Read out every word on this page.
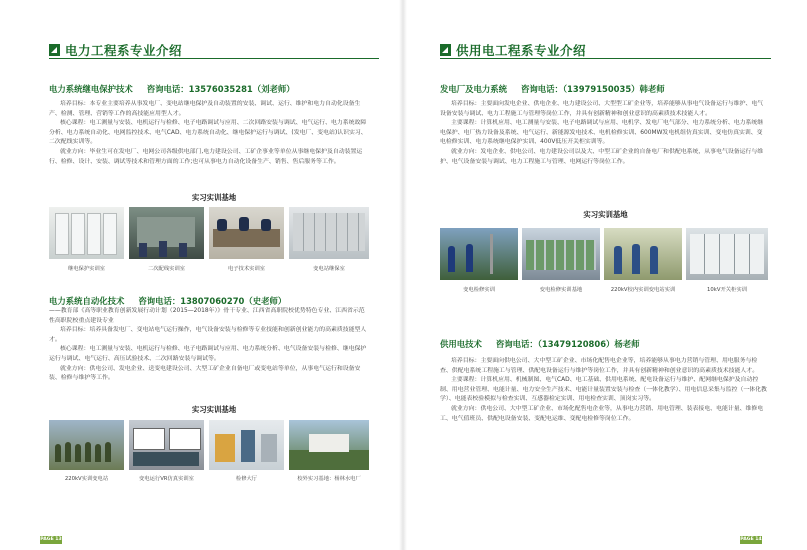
电力工程系专业介绍
电力系统继电保护技术 咨询电话：13576035281（刘老师）

培养目标：本专业主要培养从事发电厂、变电站继电保护及自动装置的安装、调试、运行、维护和电力自动化设备生产、检测、管理、营销等工作的高技能应用型人才。

核心课程：电工测量与安装、电机运行与检修、电子电路调试与应用、二次回路安装与调试、电气运行、电力系统故障分析、电力系统自动化、电网监控技术、电气CAD、电力系统自动化、继电保护运行与调试、(发电厂、变电站)认识实习、二次配线实训等。

就业方向：毕业生可在发电厂、电网公司各级供电部门,电力建设公司、工矿企事业等单位从事继电保护及自动装置运行、检修、设计、安装、调试等技术和管理方面的工作;也可从事电力自动化设备生产、销售、售后服务等工作。

实习实训基地
继电保护实训室	二次配线实训室	电子技术实训室	变电站继保室
电力系统自动化技术 咨询电话：13807060270（史老师）

——教育部《高等职业教育创新发展行动计划（2015—2018年）》骨干专业、江西省高职院校优势特色专业、江西省示范性高职院校重点建设专业

培养目标：培养具备发电厂、变电站电气运行操作，电气设备安装与检修等专业技能和创新创业能力的高素质技能型人才。

核心课程：电工测量与安装、电机运行与检修、电子电路调试与应用、电力系统分析、电气设备安装与检修、继电保护运行与调试、电气运行、高压试验技术、二次回路安装与调试等。

就业方向：供电公司、发电企业、送变电建设公司、大型工矿企业自备电厂或变电站等单位，从事电气运行和设备安装、检修与维护等工作。

实习实训基地
220kV实训变电站	变电运行VR仿真实训室	检修大厅	校外实习基地：杨林水电厂
PAGE 13
供用电工程系专业介绍
发电厂及电力系统 咨询电话：（13979150035）韩老师

培养目标：主要面向发电企业、供电企业、电力建设公司、大型型工矿企业等，培养能够从事电气设备运行与维护、电气设备安装与调试、电力工程施工与管理等岗位工作，并具有创新精神和创业意识的高素质技术技能人才。

主要课程：计算机应用、电工测量与安装、电子电路调试与应用、电机学、发电厂电气部分、电力系统分析、电力系统继电保护、电厂热力设备及系统、电气运行、新能源发电技术、电机检修实训、600MW发电机组仿真实训、变电仿真实训、变电检修实训、电力系统继电保护实训、400V低压开关柜实训等。

就业方向：发电企业、供电公司、电力建设公司以及大、中型工矿企业的自备电厂和供配电系统，从事电气设备运行与维护、电气设备安装与调试、电力工程施工与管理、电网运行等岗位工作。

实习实训基地
变电检修实训	变电检修实训基地	220kV校内实训变电站实训	10kV开关柜实训
供用电技术 咨询电话：（13479120806）杨老师

培养目标：主要面向供电公司、大中型工矿企业、市场化配售电企业等，培养能够从事电力营销与管理、用电服务与检查、供配电系统工程施工与管理、供配电设备运行与维护等岗位工作，并具有创新精神和创业意识的高素质技术技能人才。

主要课程：计算机应用、机械制图、电气CAD、电工基础、供用电系统、配电设备运行与维护、配网继电保护及自动控制、用电营业管理、电能计量、电力安全生产技术、电能计量装置安装与检查（一体化教学）、用电信息采集与监控（一体化教学）、电能表校验模拟与检查实训、互感器检定实训、用电检查实训、顶岗实习等。

就业方向：供电公司、大中型工矿企业、市场化配售电企业等，从事电力营销、用电管理、装表接电、电能计量、维修电工、电气值班员、供配电设备安装、变配电运维、变配电检修等岗位工作。

PAGE 14
